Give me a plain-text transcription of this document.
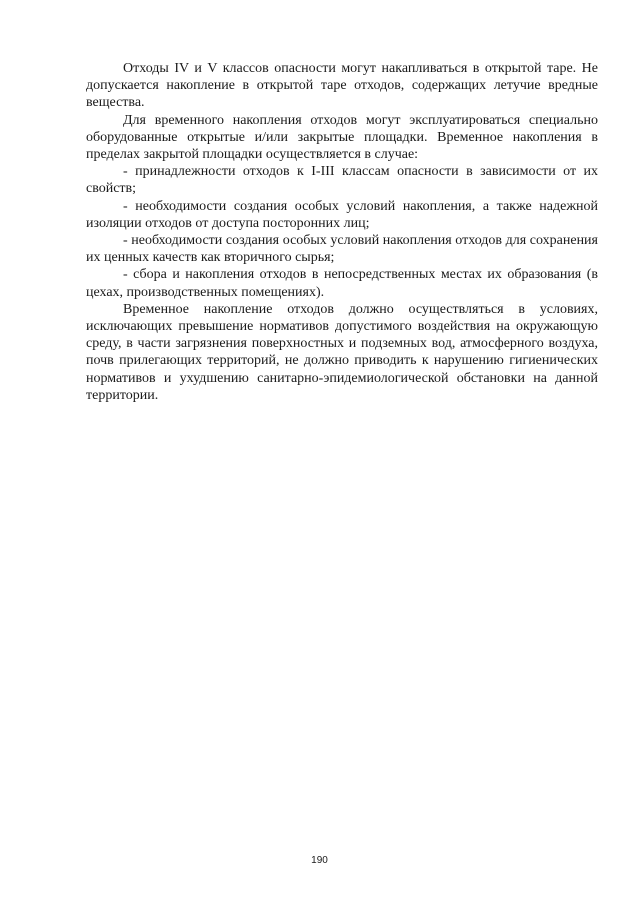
Отходы IV и V классов опасности могут накапливаться в открытой таре. Не допускается накопление в открытой таре отходов, содержащих летучие вредные вещества.

Для временного накопления отходов могут эксплуатироваться специально оборудованные открытые и/или закрытые площадки. Временное накопления в пределах закрытой площадки осуществляется в случае:

- принадлежности отходов к I-III классам опасности в зависимости от их свойств;

- необходимости создания особых условий накопления, а также надежной изоляции отходов от доступа посторонних лиц;

- необходимости создания особых условий накопления отходов для сохранения их ценных качеств как вторичного сырья;

- сбора и накопления отходов в непосредственных местах их образования (в цехах, производственных помещениях).

Временное накопление отходов должно осуществляться в условиях, исключающих превышение нормативов допустимого воздействия на окружающую среду, в части загрязнения поверхностных и подземных вод, атмосферного воздуха, почв прилегающих территорий, не должно приводить к нарушению гигиенических нормативов и ухудшению санитарно-эпидемиологической обстановки на данной территории.

190
